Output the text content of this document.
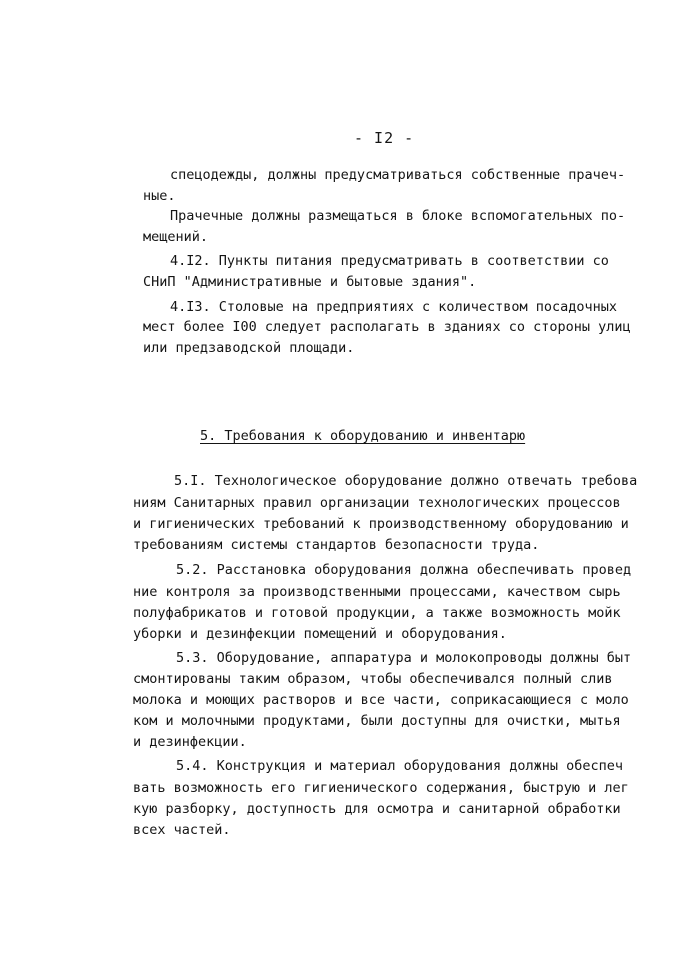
- I2 -
спецодежды, должны предусматриваться собственные прачеч-
ные.
Прачечные должны размещаться в блоке вспомогательных по-
мещений.
4.I2. Пункты питания предусматривать в соответствии со
СНиП "Административные и бытовые здания".
4.I3. Столовые на предприятиях с количеством посадочных
мест более I00 следует располагать в зданиях со стороны улиц
или предзаводской площади.
5. Требования к оборудованию и инвентарю
5.I. Технологическое оборудование должно отвечать требова
ниям Санитарных правил организации технологических процессов
и гигиенических требований к производственному оборудованию и
требованиям системы стандартов безопасности труда.
5.2. Расстановка оборудования должна обеспечивать провед
ние контроля за производственными процессами, качеством сырь
полуфабрикатов и готовой продукции, а также возможность мойк
уборки и дезинфекции помещений и оборудования.
5.3. Оборудование, аппаратура и молокопроводы должны быт
смонтированы таким образом, чтобы обеспечивался полный слив
молока и моющих растворов и все части, соприкасающиеся с моло
ком и молочными продуктами, были доступны для очистки, мытья
и дезинфекции.
5.4. Конструкция и материал оборудования должны обеспеч
вать возможность его гигиенического содержания, быструю и лег
кую разборку, доступность для осмотра и санитарной обработки
всех частей.
